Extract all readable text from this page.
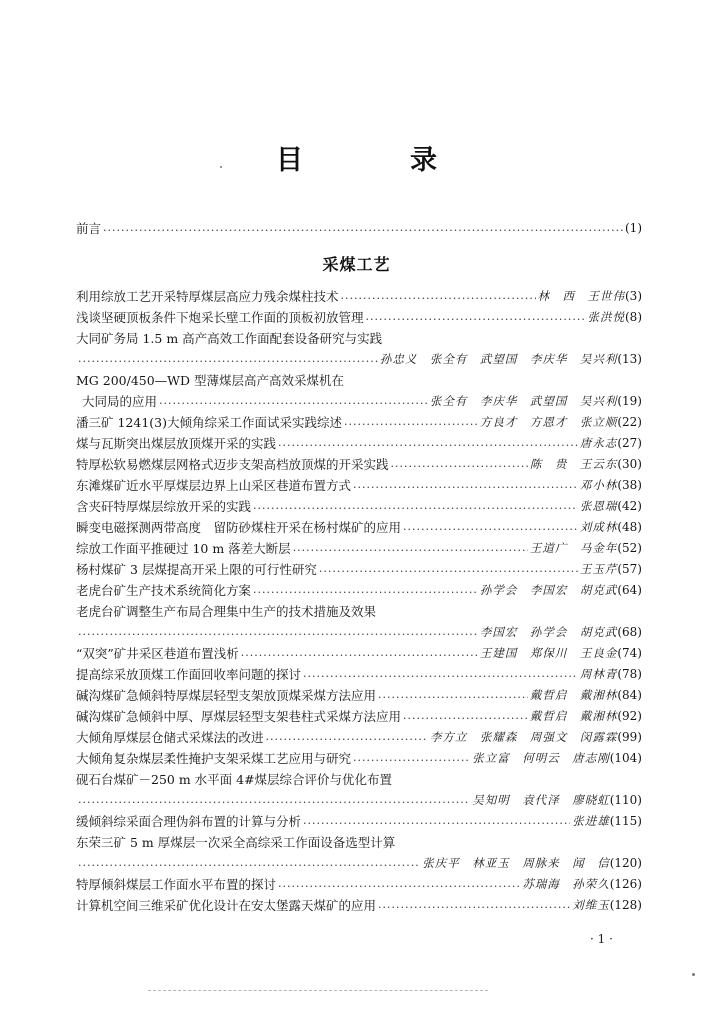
目　录
采煤工艺
前言 ·····	(1)
利用综放工艺开采特厚煤层高应力残余煤柱技术 ·····	林　西　王世伟 (3)
浅谈坚硬顶板条件下炮采长壁工作面的顶板初放管理 ·····	张洪悦 (8)
大同矿务局 1.5 m 高产高效工作面配套设备研究与实践
·····
孙忠义　张全有　武望国　李庆华　吴兴利 (13)
MG 200/450—WD 型薄煤层高产高效采煤机在
大同局的应用 ·····	张全有　李庆华　武望国　吴兴利 (19)
潘三矿 1241(3)大倾角综采工作面试采实践综述 ·····	方良才　方恩才　张立顺 (22)
煤与瓦斯突出煤层放顶煤开采的实践 ·····	唐永志 (27)
特厚松软易燃煤层网格式迈步支架高档放顶煤的开采实践 ·····	陈　贵　王云东 (30)
东滩煤矿近水平厚煤层边界上山采区巷道布置方式 ·····	邓小林 (38)
含夹矸特厚煤层综放开采的实践 ·····	张恩瑞 (42)
瞬变电磁探测两带高度　留防砂煤柱开采在杨村煤矿的应用 ·····	刘成林 (48)
综放工作面平推硬过 10 m 落差大断层 ·····	王道广　马金年 (52)
杨村煤矿 3 层煤提高开采上限的可行性研究 ·····	王玉芹 (57)
老虎台矿生产技术系统简化方案 ·····	孙学会　李国宏　胡克武 (64)
老虎台矿调整生产布局合理集中生产的技术措施及效果
·····
李国宏　孙学会　胡克武 (68)
“双突”矿井采区巷道布置浅析 ·····	王建国　郑保川　王良金 (74)
提高综采放顶煤工作面回收率问题的探讨 ·····	周林青 (78)
碱沟煤矿急倾斜特厚煤层轻型支架放顶煤采煤方法应用 ·····	戴哲启　戴湘林 (84)
碱沟煤矿急倾斜中厚、厚煤层轻型支架巷柱式采煤方法应用 ·····	戴哲启　戴湘林 (92)
大倾角厚煤层仓储式采煤法的改进 ·····	李方立　张耀森　周强文　闵露霖 (99)
大倾角复杂煤层柔性掩护支架采煤工艺应用与研究 ·····	张立富　何明云　唐志刚 (104)
砚石台煤矿－250 m 水平面 4#煤层综合评价与优化布置
·····
吴知明　袁代泽　廖晓虹 (110)
缓倾斜综采面合理伪斜布置的计算与分析 ·····	张进雄 (115)
东荣三矿 5 m 厚煤层一次采全高综采工作面设备选型计算
·····
张庆平　林亚玉　周脉来　闻　信 (120)
特厚倾斜煤层工作面水平布置的探讨 ·····	苏瑞海　孙荣久 (126)
计算机空间三维采矿优化设计在安太堡露天煤矿的应用 ·····	刘维玉 (128)
· 1 ·
